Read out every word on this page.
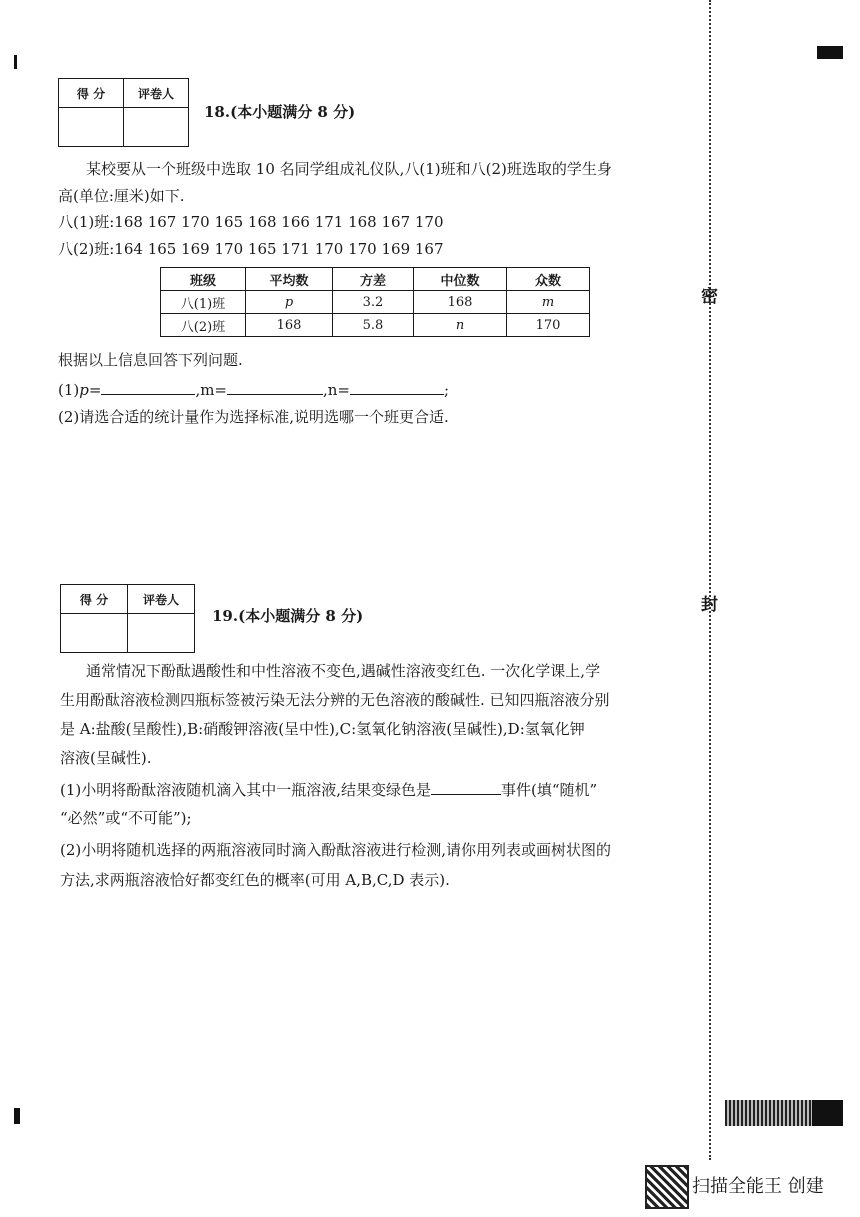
密
封
得 分	评卷人

18.(本小题满分 8 分)
某校要从一个班级中选取 10 名同学组成礼仪队,八(1)班和八(2)班选取的学生身
高(单位:厘米)如下.
八(1)班:168 167 170 165 168 166 171 168 167 170
八(2)班:164 165 169 170 165 171 170 170 169 167
班级	平均数	方差	中位数	众数
八(1)班	p	3.2	168	m
八(2)班	168	5.8	n	170
根据以上信息回答下列问题.
(1)p=	,m=	,n=	;
(2)请选合适的统计量作为选择标准,说明选哪一个班更合适.
得 分	评卷人

19.(本小题满分 8 分)
通常情况下酚酞遇酸性和中性溶液不变色,遇碱性溶液变红色. 一次化学课上,学
生用酚酞溶液检测四瓶标签被污染无法分辨的无色溶液的酸碱性. 已知四瓶溶液分别
是 A:盐酸(呈酸性),B:硝酸钾溶液(呈中性),C:氢氧化钠溶液(呈碱性),D:氢氧化钾
溶液(呈碱性).
(1)小明将酚酞溶液随机滴入其中一瓶溶液,结果变绿色是	事件(填“随机”
“必然”或“不可能”);
(2)小明将随机选择的两瓶溶液同时滴入酚酞溶液进行检测,请你用列表或画树状图的
方法,求两瓶溶液恰好都变红色的概率(可用 A,B,C,D 表示).
扫描全能王 创建
